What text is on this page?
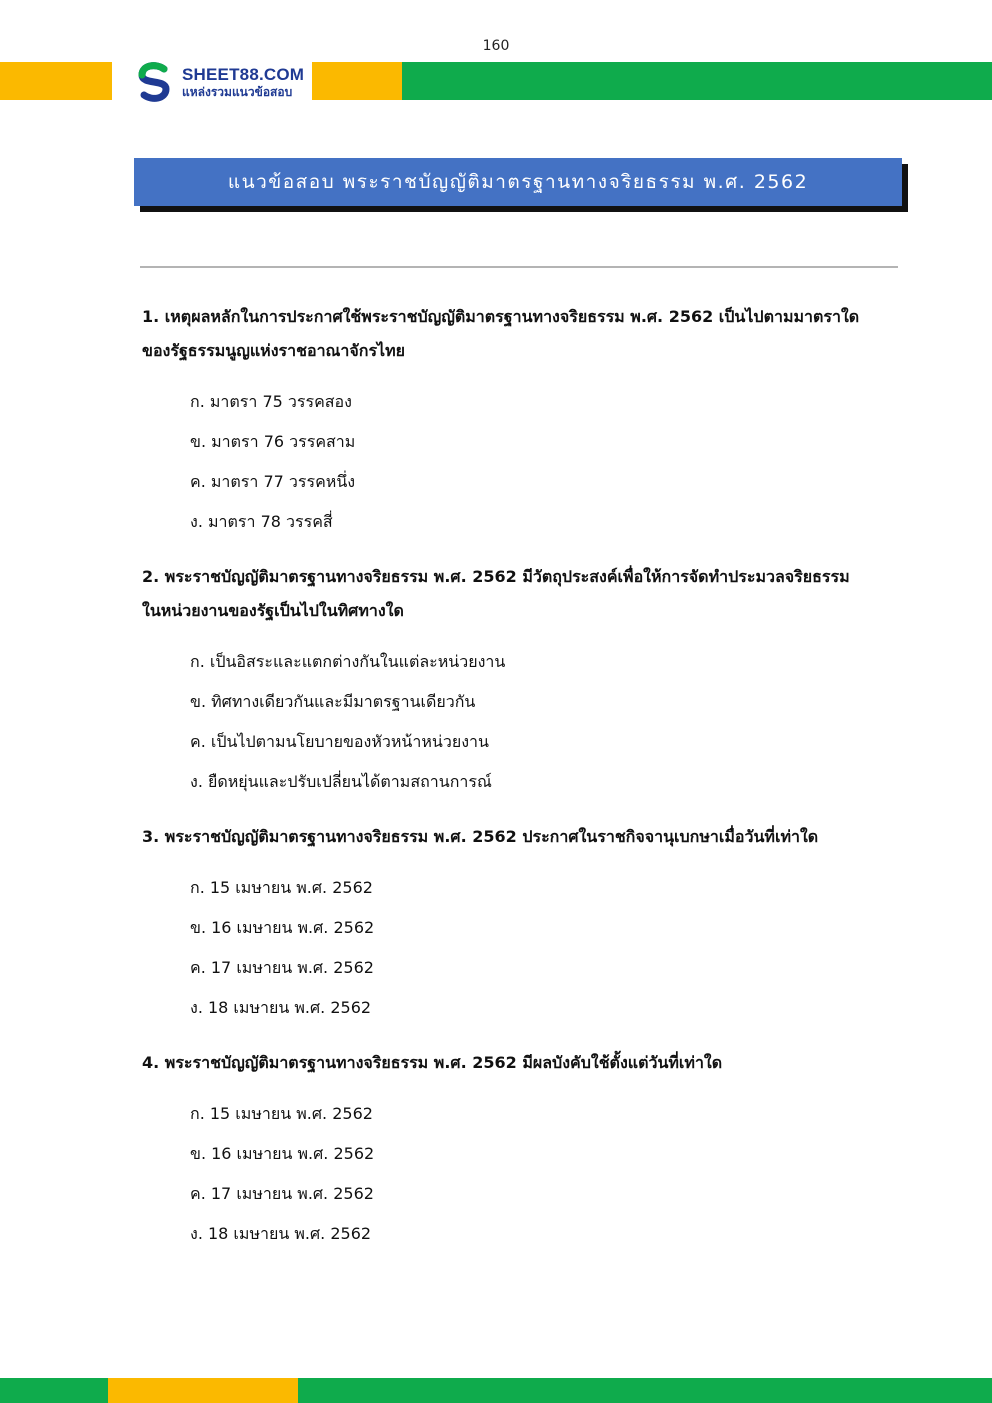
160
SHEET88.COM
แหล่งรวมแนวข้อสอบ
แนวข้อสอบ พระราชบัญญัติมาตรฐานทางจริยธรรม พ.ศ. 2562

1. เหตุผลหลักในการประกาศใช้พระราชบัญญัติมาตรฐานทางจริยธรรม พ.ศ. 2562 เป็นไปตามมาตราใด
ของรัฐธรรมนูญแห่งราชอาณาจักรไทย

ก. มาตรา 75 วรรคสอง
ข. มาตรา 76 วรรคสาม
ค. มาตรา 77 วรรคหนึ่ง
ง. มาตรา 78 วรรคสี่

2. พระราชบัญญัติมาตรฐานทางจริยธรรม พ.ศ. 2562 มีวัตถุประสงค์เพื่อให้การจัดทำประมวลจริยธรรม
ในหน่วยงานของรัฐเป็นไปในทิศทางใด

ก. เป็นอิสระและแตกต่างกันในแต่ละหน่วยงาน
ข. ทิศทางเดียวกันและมีมาตรฐานเดียวกัน
ค. เป็นไปตามนโยบายของหัวหน้าหน่วยงาน
ง. ยืดหยุ่นและปรับเปลี่ยนได้ตามสถานการณ์

3. พระราชบัญญัติมาตรฐานทางจริยธรรม พ.ศ. 2562 ประกาศในราชกิจจานุเบกษาเมื่อวันที่เท่าใด

ก. 15 เมษายน พ.ศ. 2562
ข. 16 เมษายน พ.ศ. 2562
ค. 17 เมษายน พ.ศ. 2562
ง. 18 เมษายน พ.ศ. 2562

4. พระราชบัญญัติมาตรฐานทางจริยธรรม พ.ศ. 2562 มีผลบังคับใช้ตั้งแต่วันที่เท่าใด

ก. 15 เมษายน พ.ศ. 2562
ข. 16 เมษายน พ.ศ. 2562
ค. 17 เมษายน พ.ศ. 2562
ง. 18 เมษายน พ.ศ. 2562
